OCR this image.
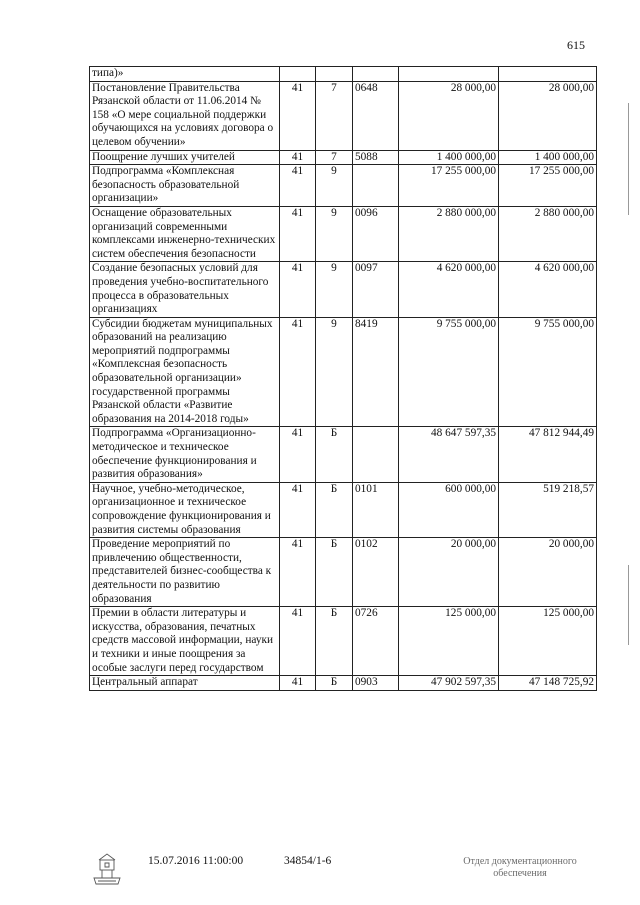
615
типа)»					
Постановление Правительства Рязанской области от 11.06.2014 № 158 «О мере социальной поддержки обучающихся на условиях договора о целевом обучении»	41	7	0648	28 000,00	28 000,00
Поощрение лучших учителей	41	7	5088	1 400 000,00	1 400 000,00
Подпрограмма «Комплексная безопасность образовательной организации»	41	9		17 255 000,00	17 255 000,00
Оснащение образовательных организаций современными комплексами инженерно-технических систем обеспечения безопасности	41	9	0096	2 880 000,00	2 880 000,00
Создание безопасных условий для проведения учебно-воспитательного процесса в образовательных организациях	41	9	0097	4 620 000,00	4 620 000,00
Субсидии бюджетам муниципальных образований на реализацию мероприятий подпрограммы «Комплексная безопасность образовательной организации» государственной программы Рязанской области «Развитие образования на 2014-2018 годы»	41	9	8419	9 755 000,00	9 755 000,00
Подпрограмма «Организационно-методическое и техническое обеспечение функционирования и развития образования»	41	Б		48 647 597,35	47 812 944,49
Научное, учебно-методическое, организационное и техническое сопровождение функционирования и развития системы образования	41	Б	0101	600 000,00	519 218,57
Проведение мероприятий по привлечению общественности, представителей бизнес-сообщества к деятельности по развитию образования	41	Б	0102	20 000,00	20 000,00
Премии в области литературы и искусства, образования, печатных средств массовой информации, науки и техники и иные поощрения за особые заслуги перед государством	41	Б	0726	125 000,00	125 000,00
Центральный аппарат	41	Б	0903	47 902 597,35	47 148 725,92
15.07.2016 11:00:00	34854/1-6	Отдел документационного обеспечения
